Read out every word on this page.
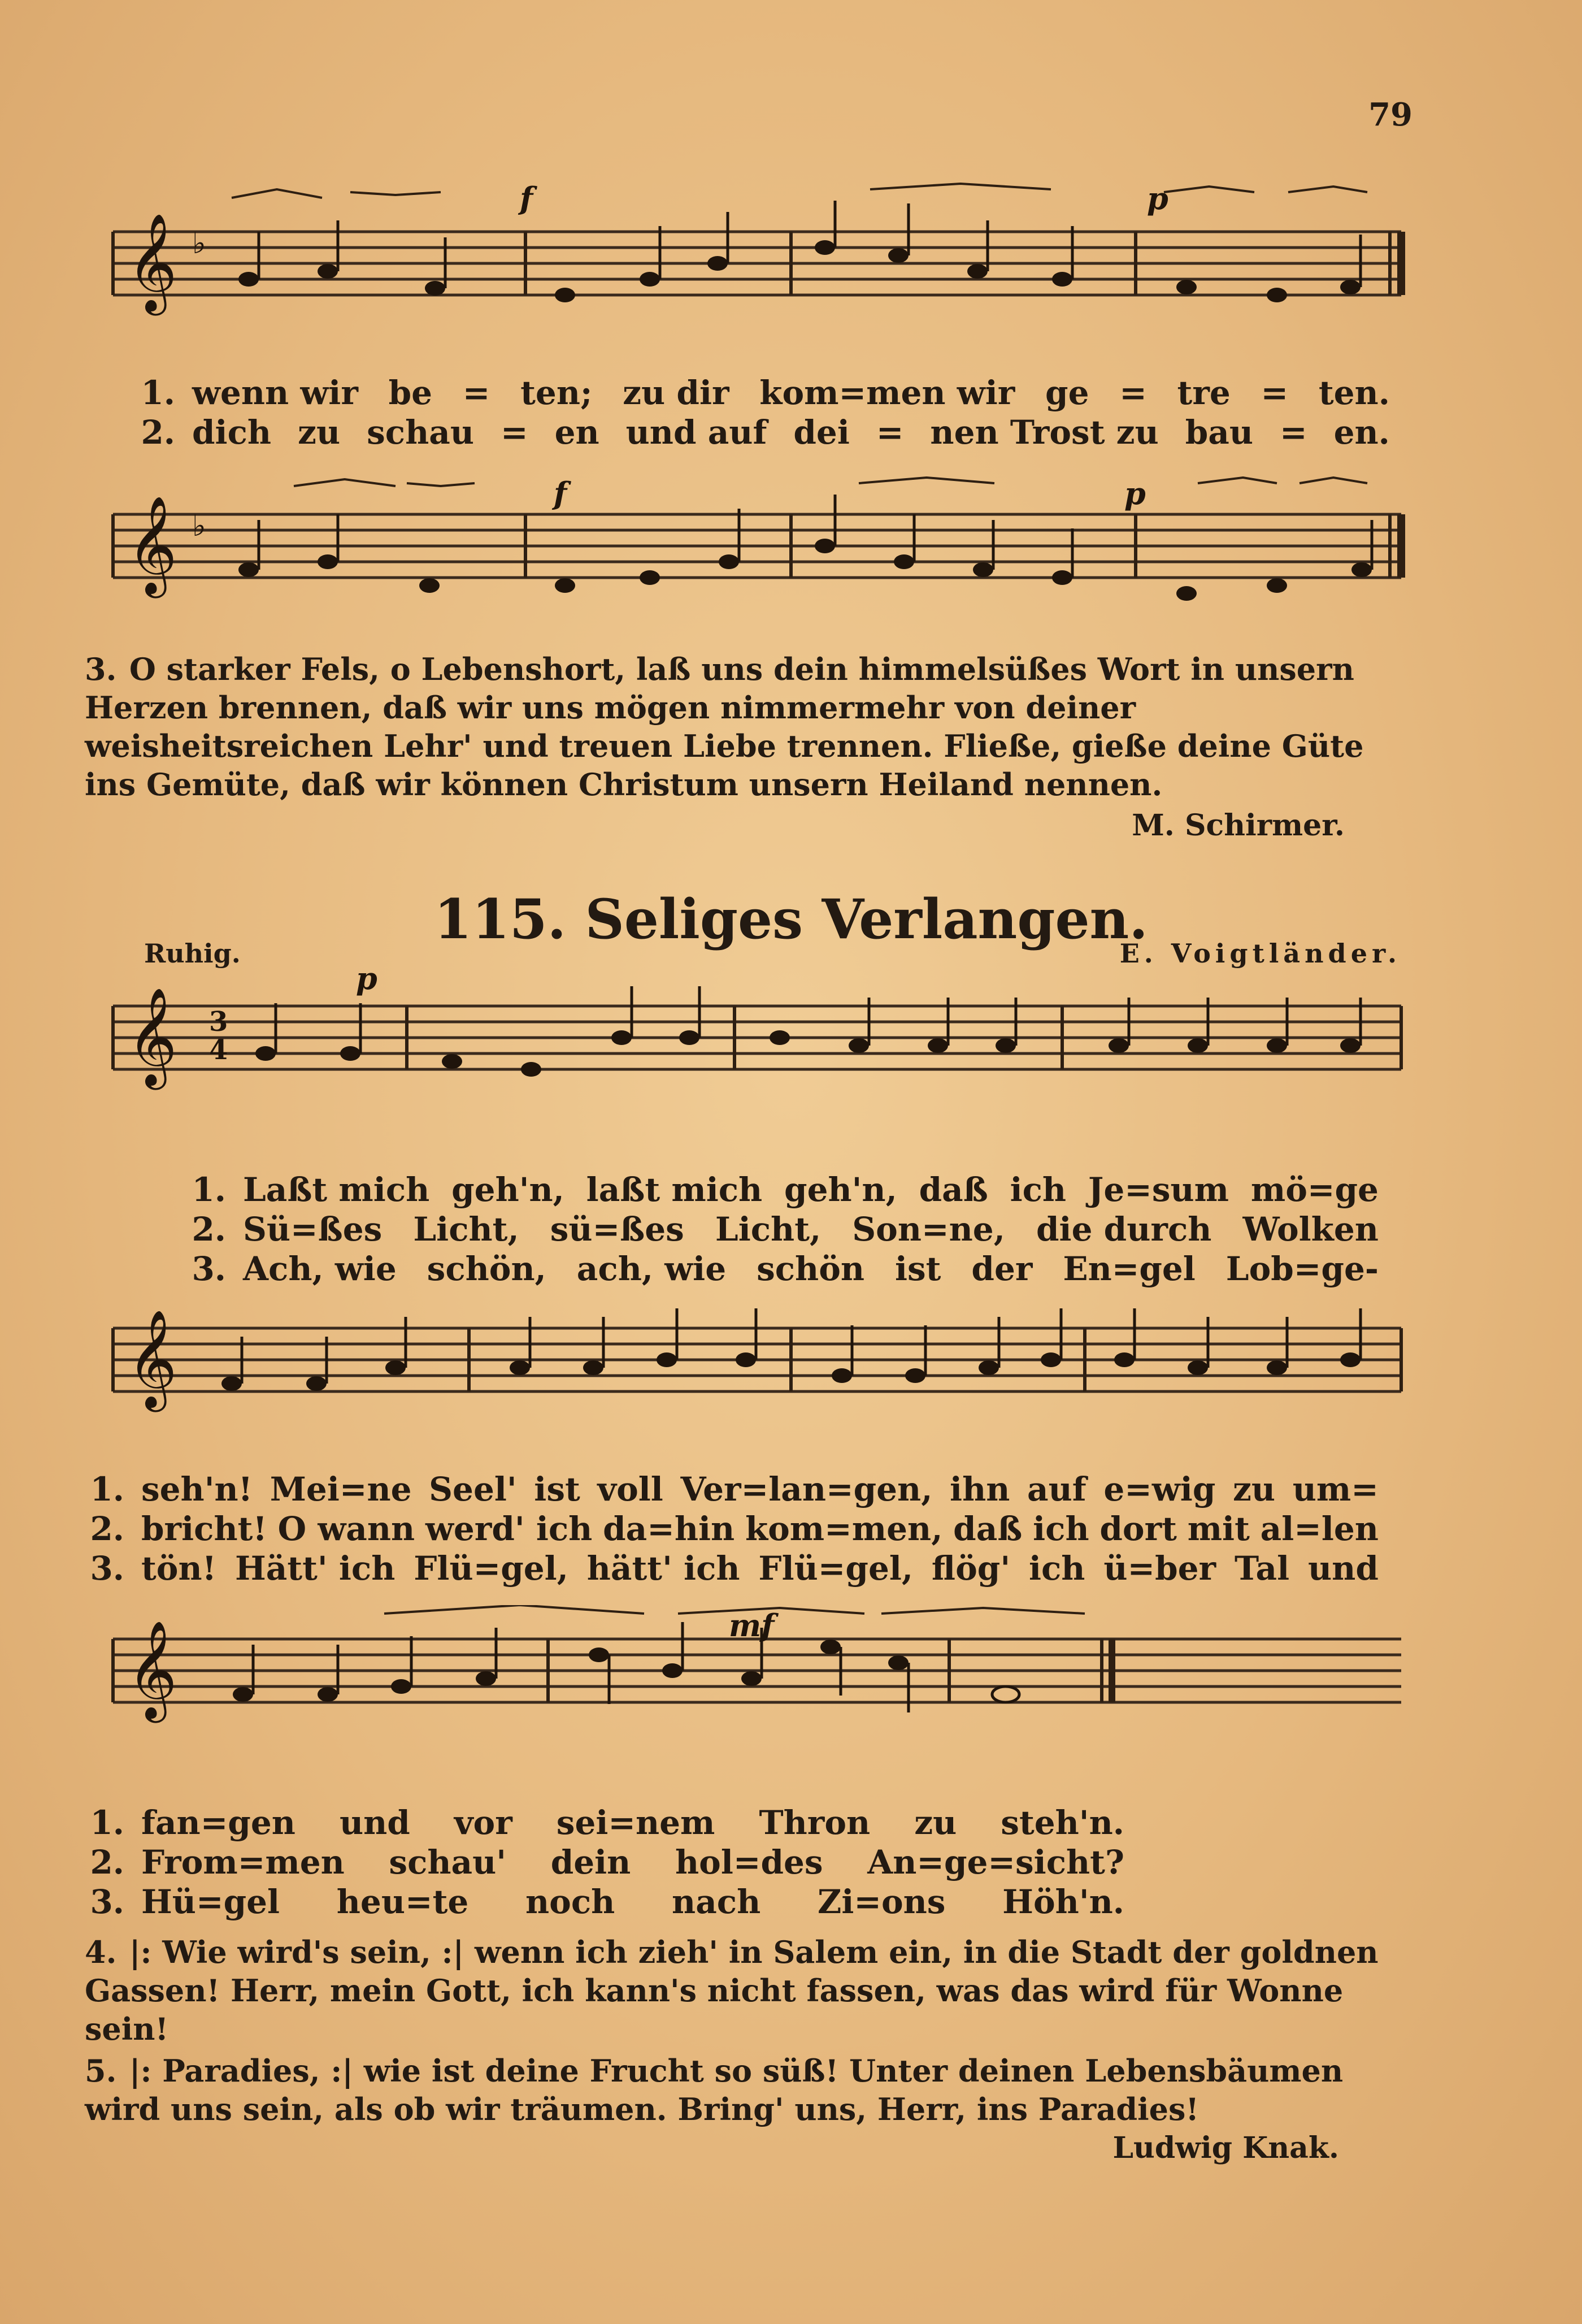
79
𝄞 ♭
f	p
1. wenn wir be = ten; zu dir kom=men wir ge = tre = ten.
2. dich zu schau = en und auf dei = nen Trost zu bau = en.
𝄞 ♭
f	p
3. O starker Fels, o Lebenshort, laß uns dein himmelsüßes Wort in unsern Herzen brennen, daß wir uns mögen nimmermehr von deiner weisheitsreichen Lehr' und treuen Liebe trennen. Fließe, gieße deine Güte ins Gemüte, daß wir können Christum unsern Heiland nennen.
M. Schirmer.
115. Seliges Verlangen.
Ruhig.	E. Voigtländer.
𝄞 3
4
p
1. Laßt mich geh'n, laßt mich geh'n, daß ich Je=sum mö=ge
2. Sü=ßes Licht, sü=ßes Licht, Son=ne, die durch Wolken
3. Ach, wie schön, ach, wie schön ist der En=gel Lob=ge-
𝄞
1. seh'n! Mei=ne Seel' ist voll Ver=lan=gen, ihn auf e=wig zu um=
2. bricht! O wann werd' ich da=hin kom=men, daß ich dort mit al=len
3. tön! Hätt' ich Flü=gel, hätt' ich Flü=gel, flög' ich ü=ber Tal und
𝄞	mf
1. fan=gen und vor sei=nem Thron zu steh'n.
2. From=men schau' dein hol=des An=ge=sicht?
3. Hü=gel heu=te noch nach Zi=ons Höh'n.
4. |: Wie wird's sein, :| wenn ich zieh' in Salem ein, in die Stadt der goldnen Gassen! Herr, mein Gott, ich kann's nicht fassen, was das wird für Wonne sein!
5. |: Paradies, :| wie ist deine Frucht so süß! Unter deinen Lebensbäumen wird uns sein, als ob wir träumen. Bring' uns, Herr, ins Paradies!
Ludwig Knak.
